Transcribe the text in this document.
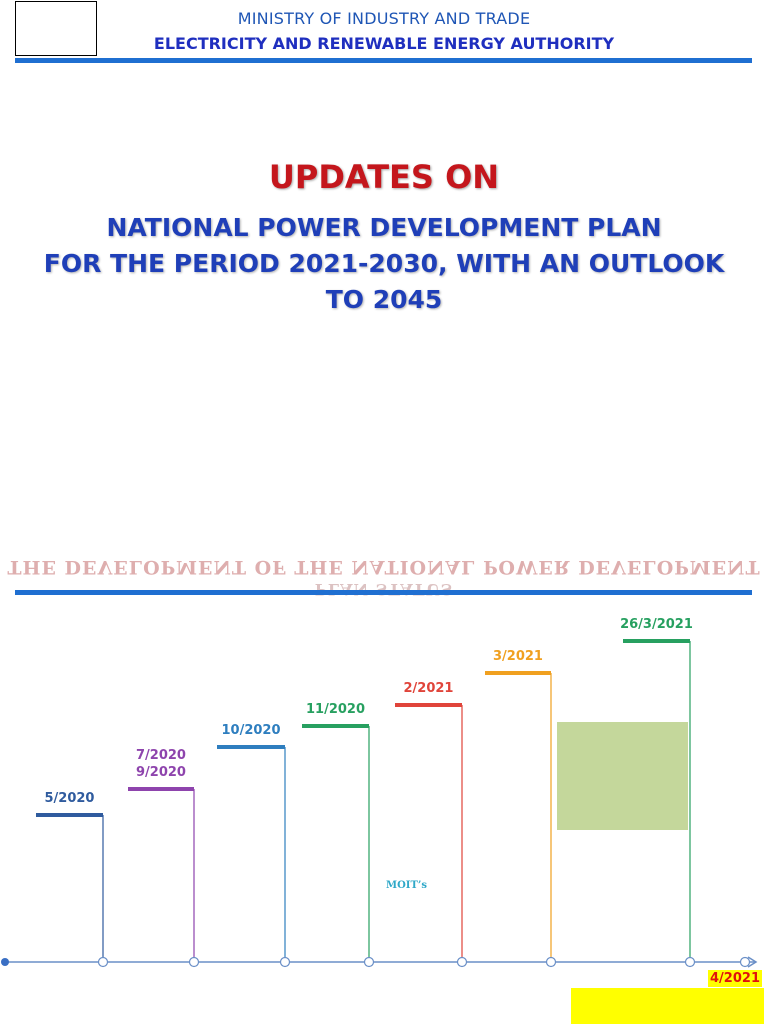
MINISTRY OF INDUSTRY AND TRADE
ELECTRICITY AND RENEWABLE ENERGY AUTHORITY
UPDATES ON
NATIONAL POWER DEVELOPMENT PLAN
FOR THE PERIOD 2021-2030, WITH AN OUTLOOK
TO 2045
THE DEVELOPMENT OF THE NATIONAL POWER DEVELOPMENT
5/2020
7/2020
9/2020
10/2020
11/2020
2/2021
3/2021
26/3/2021
MOIT’s
4/2021
